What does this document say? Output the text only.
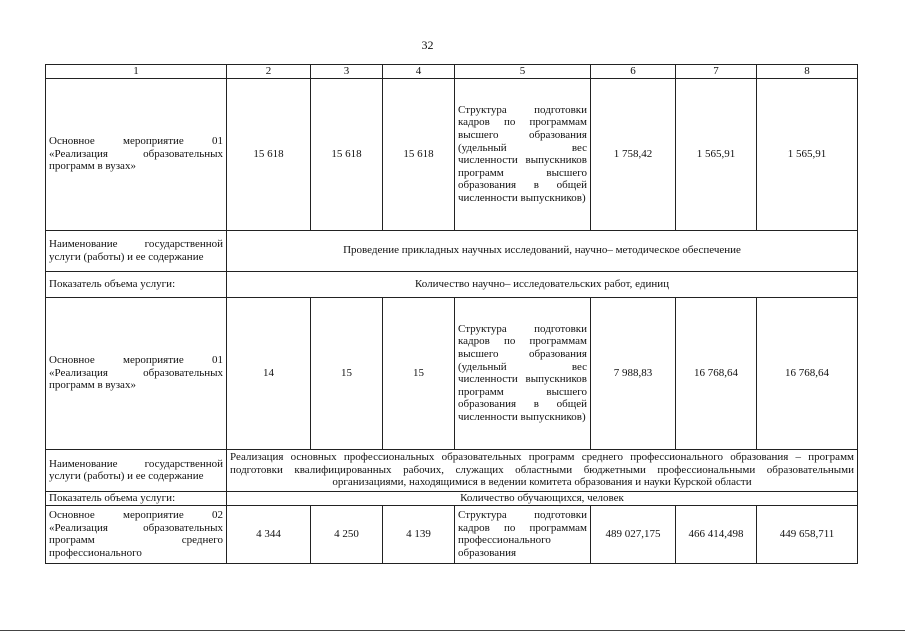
32
1	2	3	4	5	6	7	8
Основное мероприятие 01 «Реализация образовательных программ в вузах»	15 618	15 618	15 618	Структура подготовки кадров по программам высшего образования (удельный вес численности выпускников программ высшего образования в общей численности выпускников)	1 758,42	1 565,91	1 565,91
Наименование государственной услуги (работы) и ее содержание	Проведение прикладных научных исследований, научно– методическое обеспечение						
Показатель объема услуги:	Количество научно– исследовательских работ, единиц						
Основное мероприятие 01 «Реализация образовательных программ в вузах»	14	15	15	Структура подготовки кадров по программам высшего образования (удельный вес численности выпускников программ высшего образования в общей численности выпускников)	7 988,83	16 768,64	16 768,64
Наименование государственной услуги (работы) и ее содержание	Реализация основных профессиональных образовательных программ среднего профессионального образования – программ подготовки квалифицированных рабочих, служащих областными бюджетными профессиональными образовательными организациями, находящимися в ведении комитета образования и науки Курской области						
Показатель объема услуги:	Количество обучающихся, человек						
Основное мероприятие 02 «Реализация образовательных программ среднего профессионального	4 344	4 250	4 139	Структура подготовки кадров по программам профессионального образования	489 027,175	466 414,498	449 658,711
